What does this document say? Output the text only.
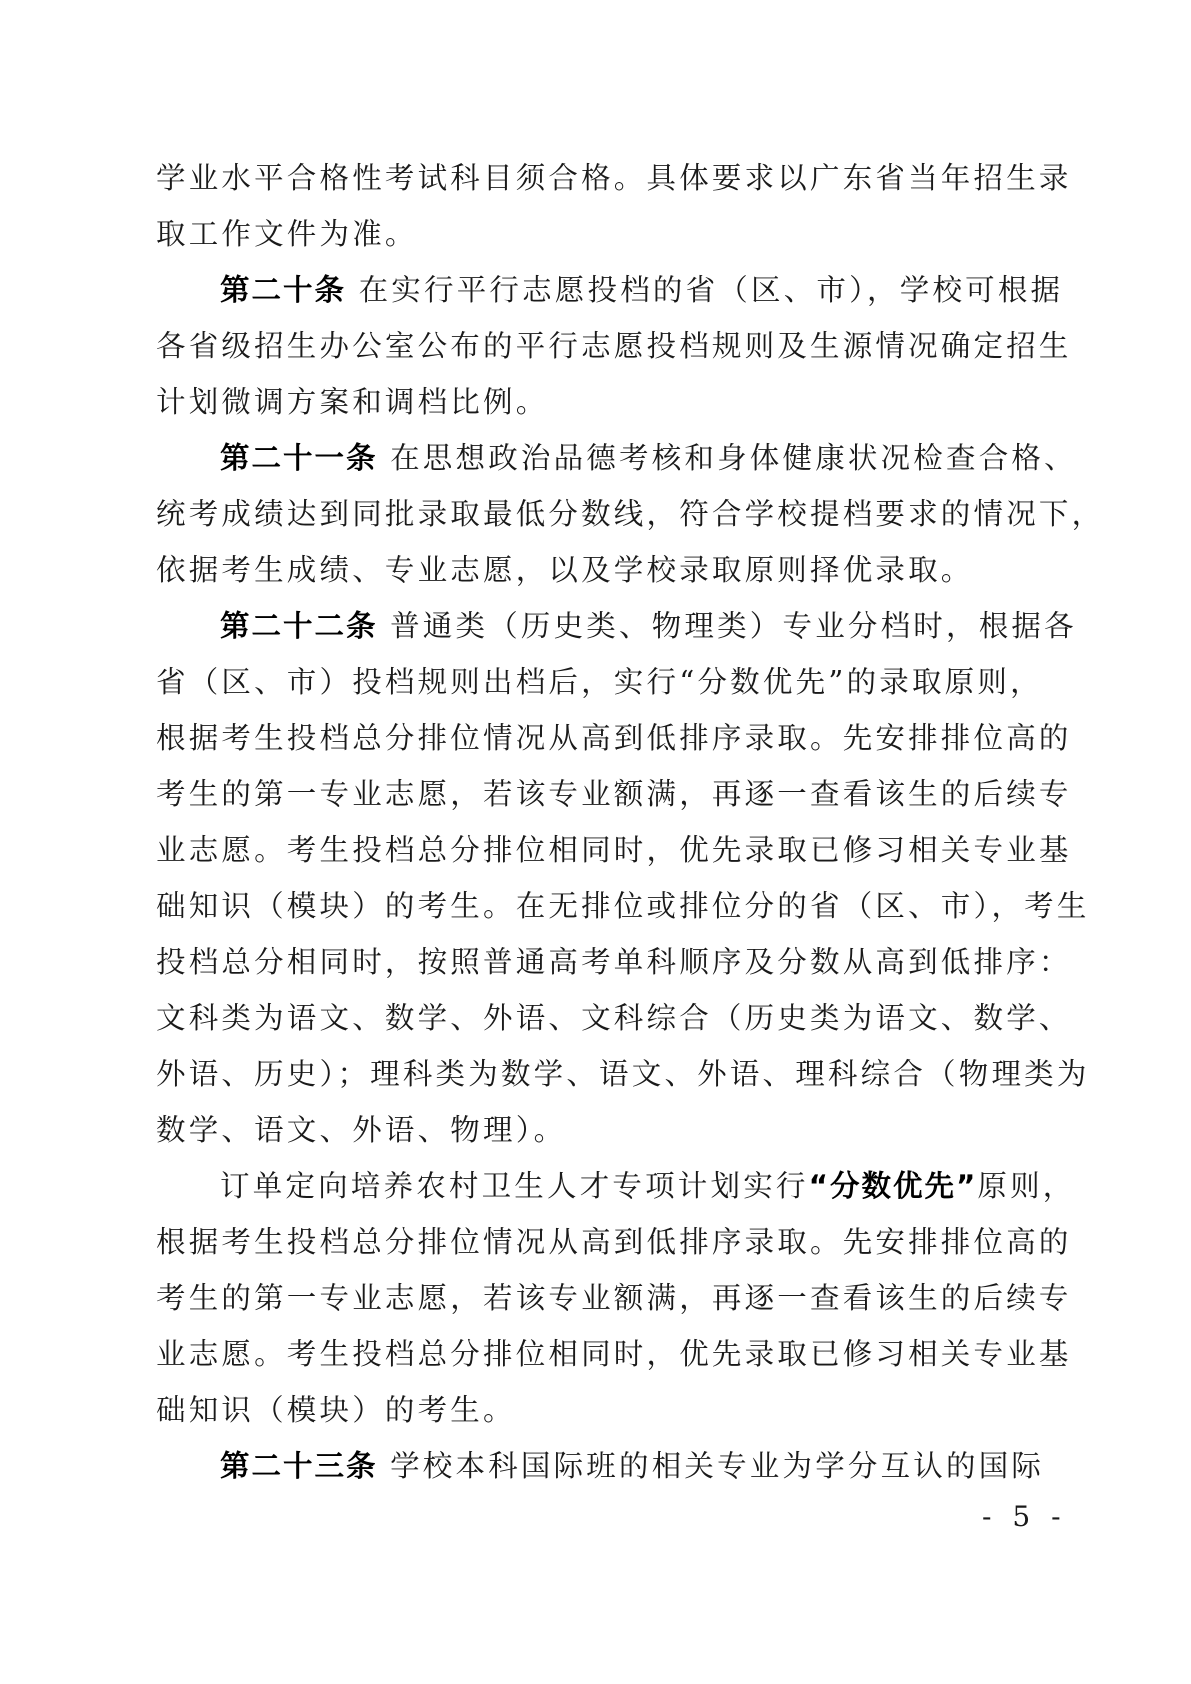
学业水平合格性考试科目须合格。具体要求以广东省当年招生录
取工作文件为准。
第二十条 在实行平行志愿投档的省（区、市），学校可根据
各省级招生办公室公布的平行志愿投档规则及生源情况确定招生
计划微调方案和调档比例。
第二十一条 在思想政治品德考核和身体健康状况检查合格、
统考成绩达到同批录取最低分数线，符合学校提档要求的情况下，
依据考生成绩、专业志愿，以及学校录取原则择优录取。
第二十二条 普通类（历史类、物理类）专业分档时，根据各
省（区、市）投档规则出档后，实行“分数优先”的录取原则，
根据考生投档总分排位情况从高到低排序录取。先安排排位高的
考生的第一专业志愿，若该专业额满，再逐一查看该生的后续专
业志愿。考生投档总分排位相同时，优先录取已修习相关专业基
础知识（模块）的考生。在无排位或排位分的省（区、市），考生
投档总分相同时，按照普通高考单科顺序及分数从高到低排序：
文科类为语文、数学、外语、文科综合（历史类为语文、数学、
外语、历史）；理科类为数学、语文、外语、理科综合（物理类为
数学、语文、外语、物理）。
订单定向培养农村卫生人才专项计划实行“分数优先”原则，
根据考生投档总分排位情况从高到低排序录取。先安排排位高的
考生的第一专业志愿，若该专业额满，再逐一查看该生的后续专
业志愿。考生投档总分排位相同时，优先录取已修习相关专业基
础知识（模块）的考生。
第二十三条 学校本科国际班的相关专业为学分互认的国际
- 5 -
